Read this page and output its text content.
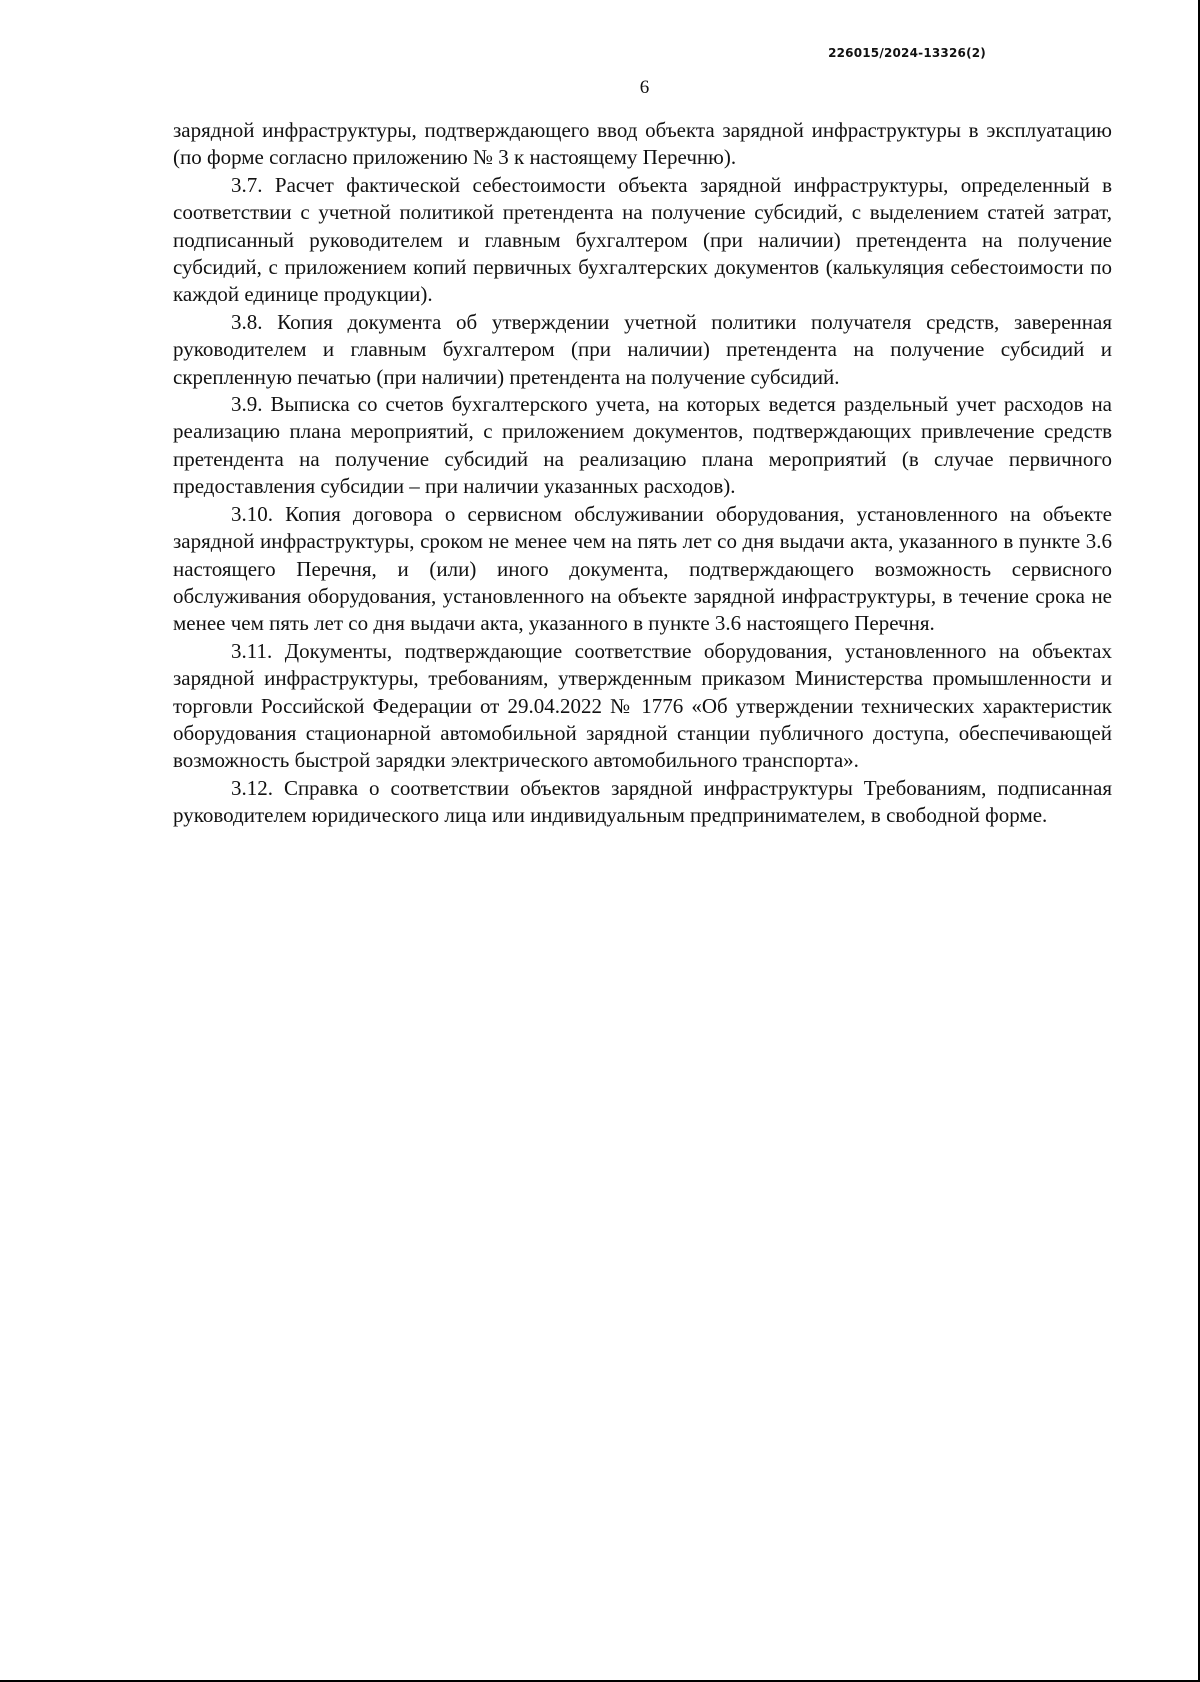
226015/2024-13326(2)
6

зарядной инфраструктуры, подтверждающего ввод объекта зарядной инфраструктуры в эксплуатацию (по форме согласно приложению № 3 к настоящему Перечню).

3.7. Расчет фактической себестоимости объекта зарядной инфраструктуры, определенный в соответствии с учетной политикой претендента на получение субсидий, с выделением статей затрат, подписанный руководителем и главным бухгалтером (при наличии) претендента на получение субсидий, с приложением копий первичных бухгалтерских документов (калькуляция себестоимости по каждой единице продукции).

3.8. Копия документа об утверждении учетной политики получателя средств, заверенная руководителем и главным бухгалтером (при наличии) претендента на получение субсидий и скрепленную печатью (при наличии) претендента на получение субсидий.

3.9. Выписка со счетов бухгалтерского учета, на которых ведется раздельный учет расходов на реализацию плана мероприятий, с приложением документов, подтверждающих привлечение средств претендента на получение субсидий на реализацию плана мероприятий (в случае первичного предоставления субсидии – при наличии указанных расходов).

3.10. Копия договора о сервисном обслуживании оборудования, установленного на объекте зарядной инфраструктуры, сроком не менее чем на пять лет со дня выдачи акта, указанного в пункте 3.6 настоящего Перечня, и (или) иного документа, подтверждающего возможность сервисного обслуживания оборудования, установленного на объекте зарядной инфраструктуры, в течение срока не менее чем пять лет со дня выдачи акта, указанного в пункте 3.6 настоящего Перечня.

3.11. Документы, подтверждающие соответствие оборудования, установленного на объектах зарядной инфраструктуры, требованиям, утвержденным приказом Министерства промышленности и торговли Российской Федерации от 29.04.2022 № 1776 «Об утверждении технических характеристик оборудования стационарной автомобильной зарядной станции публичного доступа, обеспечивающей возможность быстрой зарядки электрического автомобильного транспорта».

3.12. Справка о соответствии объектов зарядной инфраструктуры Требованиям, подписанная руководителем юридического лица или индивидуальным предпринимателем, в свободной форме.
